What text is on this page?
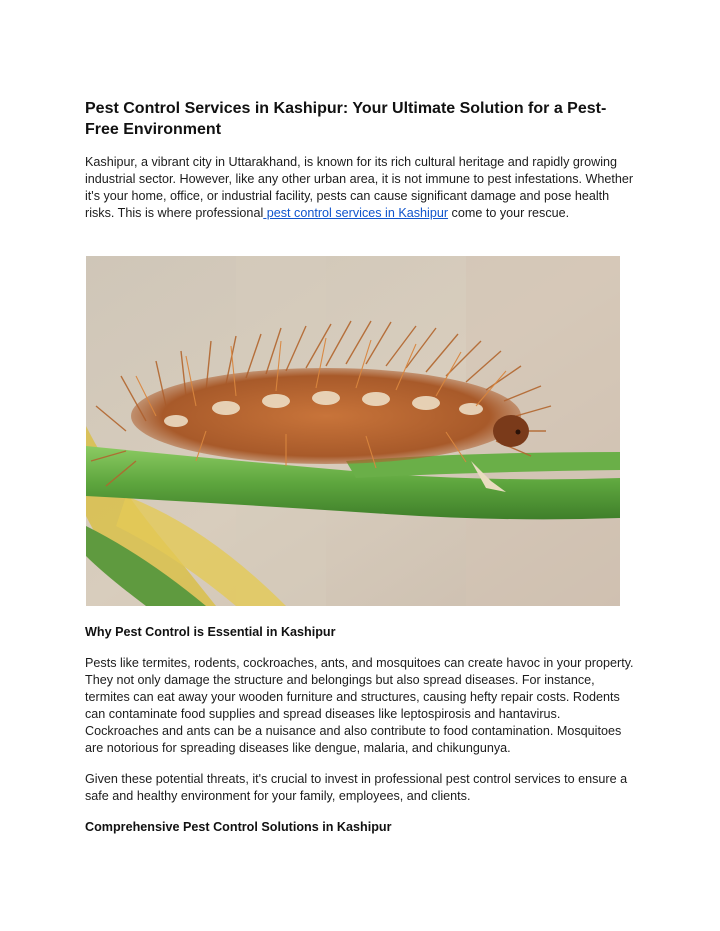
Pest Control Services in Kashipur: Your Ultimate Solution for a Pest-Free Environment

Kashipur, a vibrant city in Uttarakhand, is known for its rich cultural heritage and rapidly growing industrial sector. However, like any other urban area, it is not immune to pest infestations. Whether it's your home, office, or industrial facility, pests can cause significant damage and pose health risks. This is where professional pest control services in Kashipur come to your rescue.

Why Pest Control is Essential in Kashipur

Pests like termites, rodents, cockroaches, ants, and mosquitoes can create havoc in your property. They not only damage the structure and belongings but also spread diseases. For instance, termites can eat away your wooden furniture and structures, causing hefty repair costs. Rodents can contaminate food supplies and spread diseases like leptospirosis and hantavirus. Cockroaches and ants can be a nuisance and also contribute to food contamination. Mosquitoes are notorious for spreading diseases like dengue, malaria, and chikungunya.

Given these potential threats, it's crucial to invest in professional pest control services to ensure a safe and healthy environment for your family, employees, and clients.

Comprehensive Pest Control Solutions in Kashipur
